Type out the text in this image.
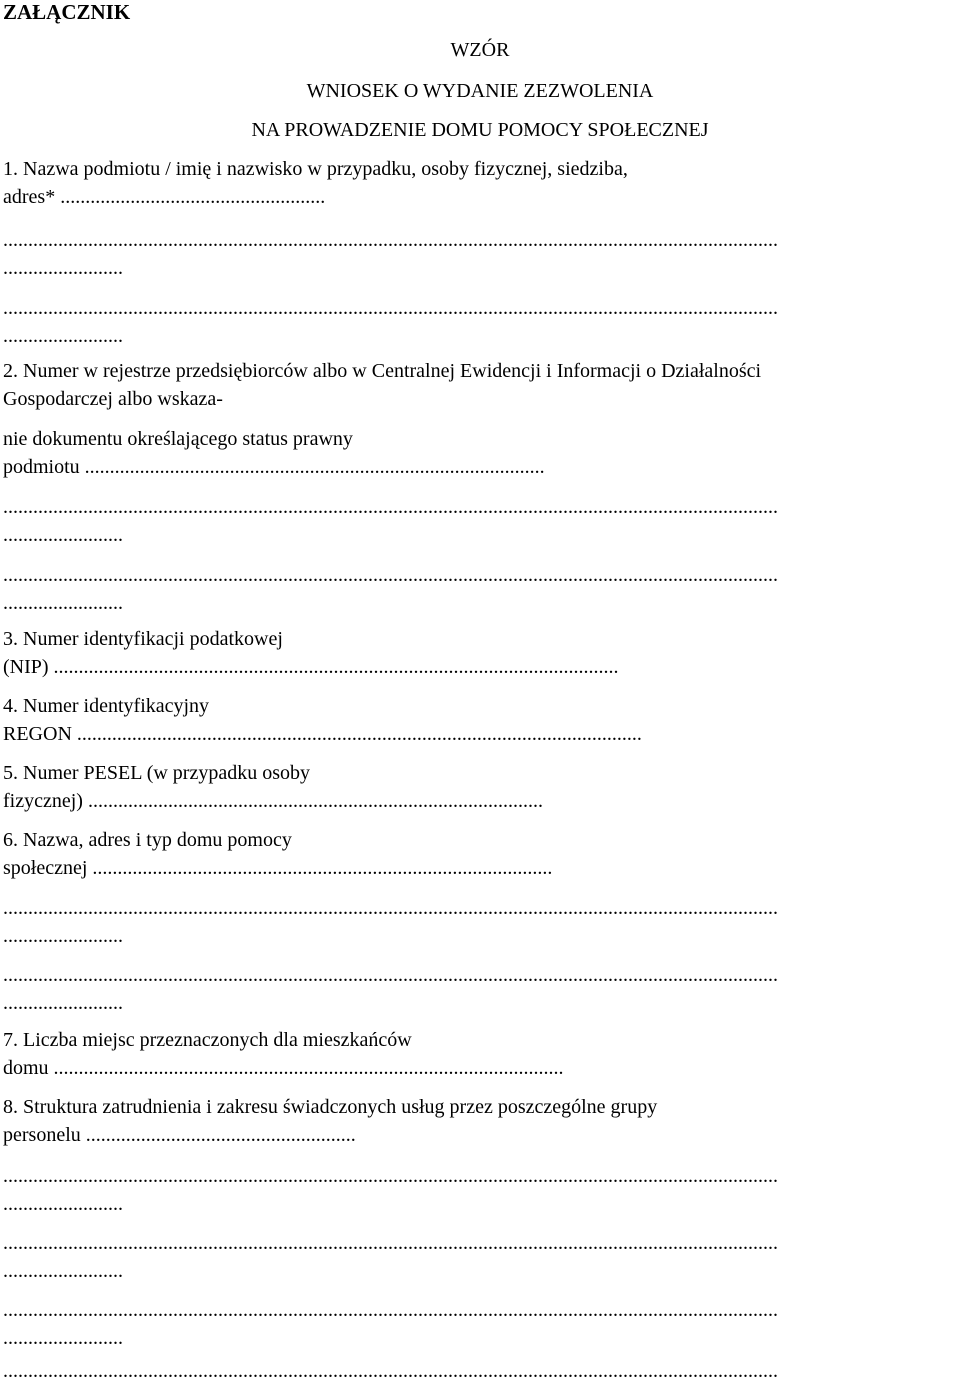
ZAŁĄCZNIK
WZÓR
WNIOSEK O WYDANIE ZEZWOLENIA
NA PROWADZENIE DOMU POMOCY SPOŁECZNEJ
1. Nazwa podmiotu / imię i nazwisko w przypadku, osoby fizycznej, siedziba,
adres* .....................................................
...........................................................................................................................................................
........................
...........................................................................................................................................................
........................
2. Numer w rejestrze przedsiębiorców albo w Centralnej Ewidencji i Informacji o Działalności
Gospodarczej albo wskaza-
nie dokumentu określającego status prawny
podmiotu ............................................................................................
...........................................................................................................................................................
........................
...........................................................................................................................................................
........................
3. Numer identyfikacji podatkowej
(NIP) .................................................................................................................
4. Numer identyfikacyjny
REGON .................................................................................................................
5. Numer PESEL (w przypadku osoby
fizycznej) ...........................................................................................
6. Nazwa, adres i typ domu pomocy
społecznej ............................................................................................
...........................................................................................................................................................
........................
...........................................................................................................................................................
........................
7. Liczba miejsc przeznaczonych dla mieszkańców
domu ......................................................................................................
8. Struktura zatrudnienia i zakresu świadczonych usług przez poszczególne grupy
personelu ......................................................
...........................................................................................................................................................
........................
...........................................................................................................................................................
........................
...........................................................................................................................................................
........................
...........................................................................................................................................................
